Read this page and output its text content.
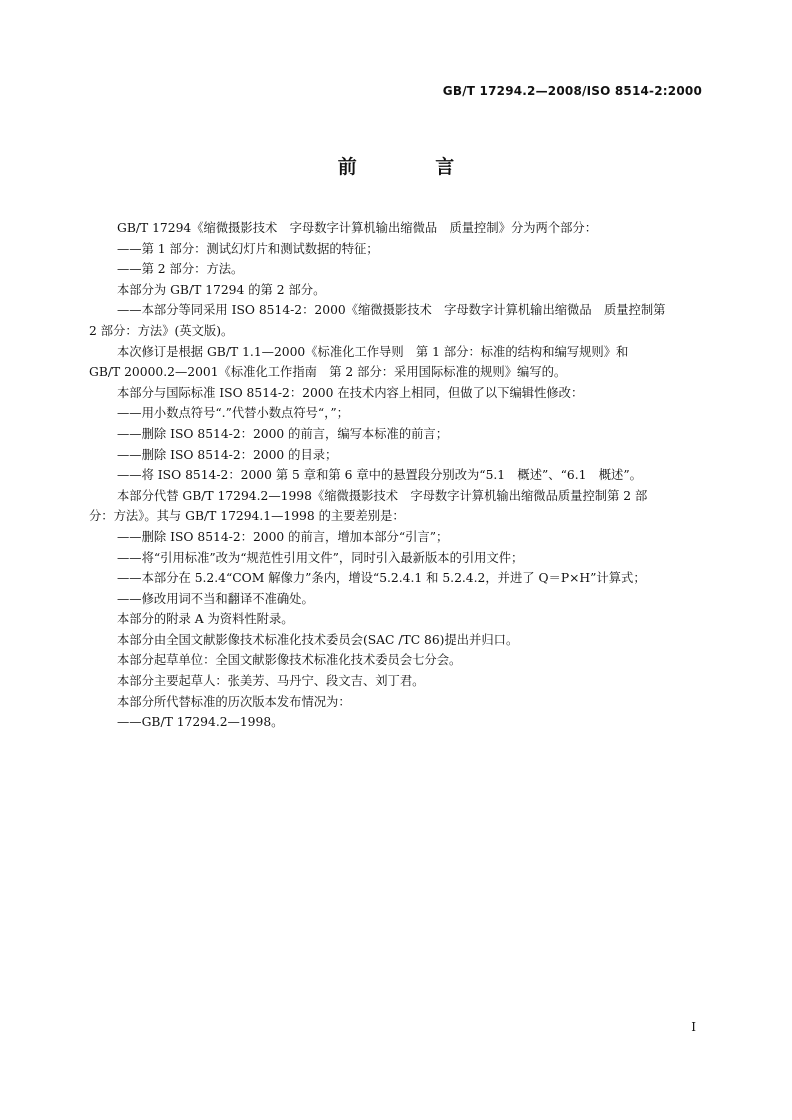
GB/T 17294.2—2008/ISO 8514-2:2000
前 言

GB/T 17294《缩微摄影技术　字母数字计算机输出缩微品　质量控制》分为两个部分：

——第 1 部分：测试幻灯片和测试数据的特征；

——第 2 部分：方法。

本部分为 GB/T 17294 的第 2 部分。

——本部分等同采用 ISO 8514-2：2000《缩微摄影技术　字母数字计算机输出缩微品　质量控制第

2 部分：方法》(英文版)。

本次修订是根据 GB/T 1.1—2000《标准化工作导则　第 1 部分：标准的结构和编写规则》和

GB/T 20000.2—2001《标准化工作指南　第 2 部分：采用国际标准的规则》编写的。

本部分与国际标准 ISO 8514-2：2000 在技术内容上相同，但做了以下编辑性修改：

——用小数点符号“.”代替小数点符号“，”；

——删除 ISO 8514-2：2000 的前言，编写本标准的前言；

——删除 ISO 8514-2：2000 的目录；

——将 ISO 8514-2：2000 第 5 章和第 6 章中的悬置段分别改为“5.1　概述”、“6.1　概述”。

本部分代替 GB/T 17294.2—1998《缩微摄影技术　字母数字计算机输出缩微品质量控制第 2 部

分：方法》。其与 GB/T 17294.1—1998 的主要差别是：

——删除 ISO 8514-2：2000 的前言，增加本部分“引言”；

——将“引用标准”改为“规范性引用文件”，同时引入最新版本的引用文件；

——本部分在 5.2.4“COM 解像力”条内，增设“5.2.4.1 和 5.2.4.2，并进了 Q＝P×H”计算式；

——修改用词不当和翻译不准确处。

本部分的附录 A 为资料性附录。

本部分由全国文献影像技术标准化技术委员会(SAC /TC 86)提出并归口。

本部分起草单位：全国文献影像技术标准化技术委员会七分会。

本部分主要起草人：张美芳、马丹宁、段文吉、刘丁君。

本部分所代替标准的历次版本发布情况为：

——GB/T 17294.2—1998。

I
